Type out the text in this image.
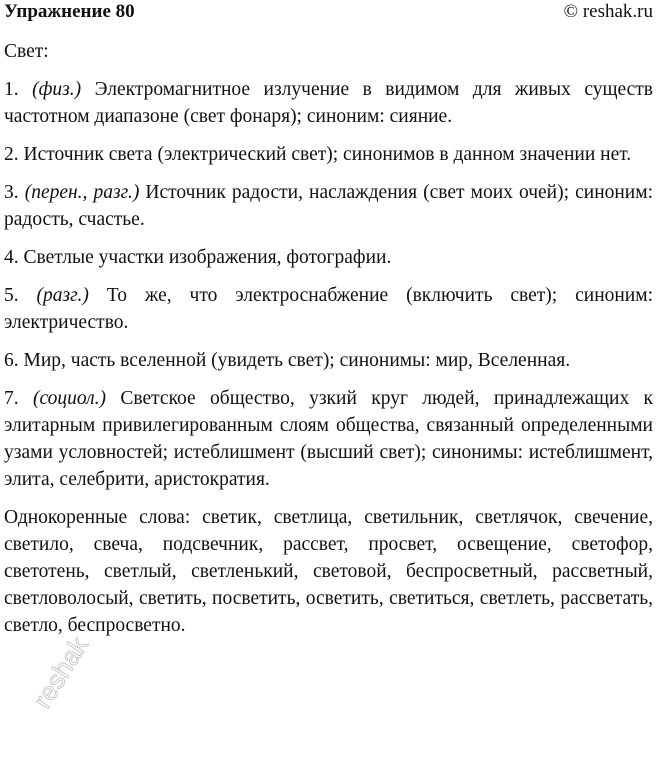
Упражнение 80	© reshak.ru

Свет:

1. (физ.) Электромагнитное излучение в видимом для живых существ частотном диапазоне (свет фонаря); синоним: сияние.

2. Источник света (электрический свет); синонимов в данном значении нет.

3. (перен., разг.) Источник радости, наслаждения (свет моих очей); синоним: радость, счастье.

4. Светлые участки изображения, фотографии.

5. (разг.) То же, что электроснабжение (включить свет); синоним: электричество.

6. Мир, часть вселенной (увидеть свет); синонимы: мир, Вселенная.

7. (социол.) Светское общество, узкий круг людей, принадлежащих к элитарным привилегированным слоям общества, связанный определенными узами условностей; истеблишмент (высший свет); синонимы: истеблишмент, элита, селебрити, аристократия.

Однокоренные слова: светик, светлица, светильник, светлячок, свечение, светило, свеча, подсвечник, рассвет, просвет, освещение, светофор, светотень, светлый, светленький, световой, беспросветный, рассветный, светловолосый, светить, посветить, осветить, светиться, светлеть, рассветать, светло, беспросветно.

reshak
